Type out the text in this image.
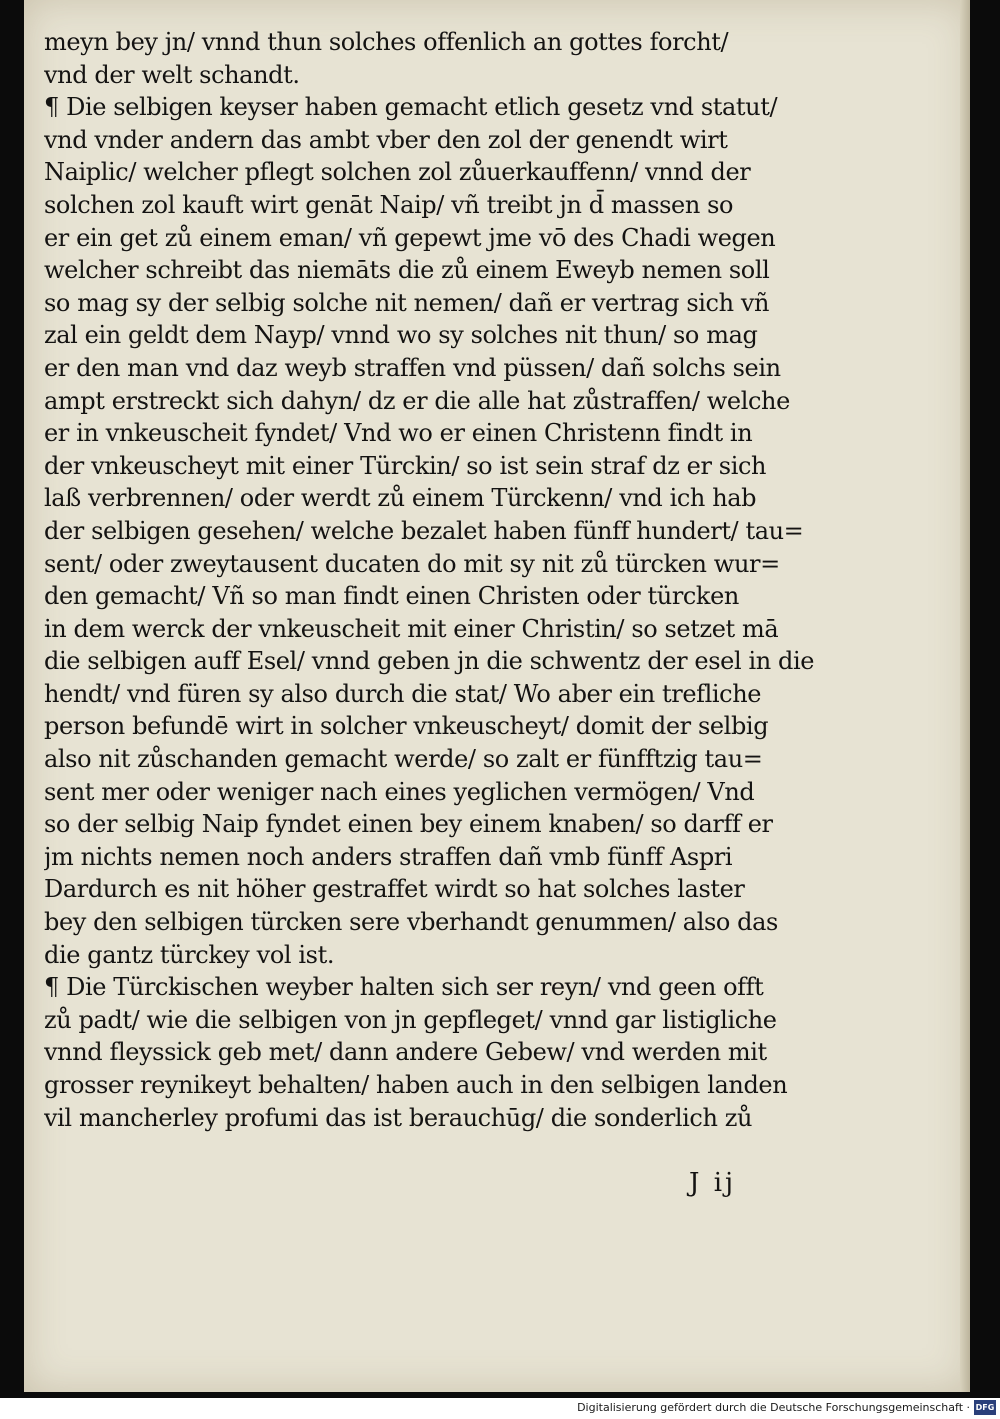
meyn bey jn/ vnnd thun solches offenlich an gottes forcht/
vnd der welt schandt.
¶ Die selbigen keyser haben gemacht etlich gesetz vnd statut/
vnd vnder andern das ambt vber den zol der genendt wirt
Naiplic/ welcher pflegt solchen zol zůuerkauffenn/ vnnd der
solchen zol kauft wirt genāt Naip/ vñ treibt jn d̄ massen so
er ein get zů einem eman/ vñ gepewt jme vō des Chadi wegen
welcher schreibt das niemāts die zů einem Eweyb nemen soll
so mag sy der selbig solche nit nemen/ dañ er vertrag sich vñ
zal ein geldt dem Nayp/ vnnd wo sy solches nit thun/ so mag
er den man vnd daz weyb straffen vnd püssen/ dañ solchs sein
ampt erstreckt sich dahyn/ dz er die alle hat zůstraffen/ welche
er in vnkeuscheit fyndet/ Vnd wo er einen Christenn findt in
der vnkeuscheyt mit einer Türckin/ so ist sein straf dz er sich
laß verbrennen/ oder werdt zů einem Türckenn/ vnd ich hab
der selbigen gesehen/ welche bezalet haben fünff hundert/ tau=
sent/ oder zweytausent ducaten do mit sy nit zů türcken wur=
den gemacht/ Vñ so man findt einen Christen oder türcken
in dem werck der vnkeuscheit mit einer Christin/ so setzet mā
die selbigen auff Esel/ vnnd geben jn die schwentz der esel in die
hendt/ vnd füren sy also durch die stat/ Wo aber ein trefliche
person befundē wirt in solcher vnkeuscheyt/ domit der selbig
also nit zůschanden gemacht werde/ so zalt er fünfftzig tau=
sent mer oder weniger nach eines yeglichen vermögen/ Vnd
so der selbig Naip fyndet einen bey einem knaben/ so darff er
jm nichts nemen noch anders straffen dañ vmb fünff Aspri
Dardurch es nit höher gestraffet wirdt so hat solches laster
bey den selbigen türcken sere vberhandt genummen/ also das
die gantz türckey vol ist.
¶ Die Türckischen weyber halten sich ser reyn/ vnd geen offt
zů padt/ wie die selbigen von jn gepfleget/ vnnd gar listigliche
vnnd fleyssick geb met/ dann andere Gebew/ vnd werden mit
grosser reynikeyt behalten/ haben auch in den selbigen landen
vil mancherley profumi das ist berauchūg/ die sonderlich zů
J ij
Digitalisierung gefördert durch die Deutsche Forschungsgemeinschaft · DFG
